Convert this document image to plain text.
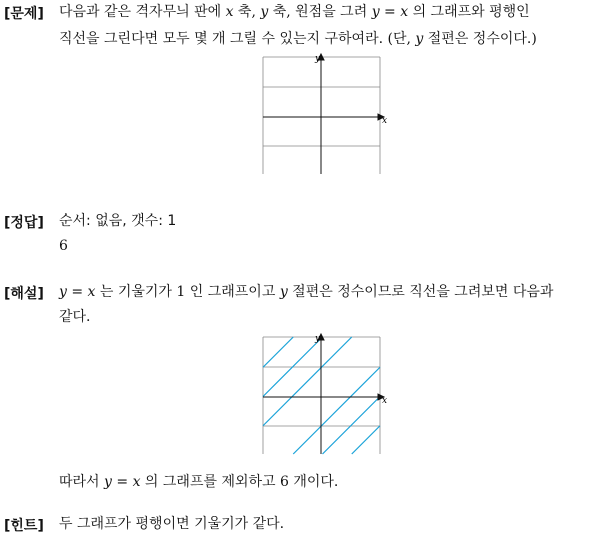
[문제] 다음과 같은 격자무늬 판에 x 축, y 축, 원점을 그려 y = x 의 그래프와 평행인
직선을 그린다면 모두 몇 개 그릴 수 있는지 구하여라. (단, y 절편은 정수이다.)
x
y
[정답] 순서: 없음, 갯수: 1
6
[해설] y = x 는 기울기가 1 인 그래프이고 y 절편은 정수이므로 직선을 그려보면 다음과
같다.
x
y
따라서 y = x 의 그래프를 제외하고 6 개이다.
[힌트] 두 그래프가 평행이면 기울기가 같다.
